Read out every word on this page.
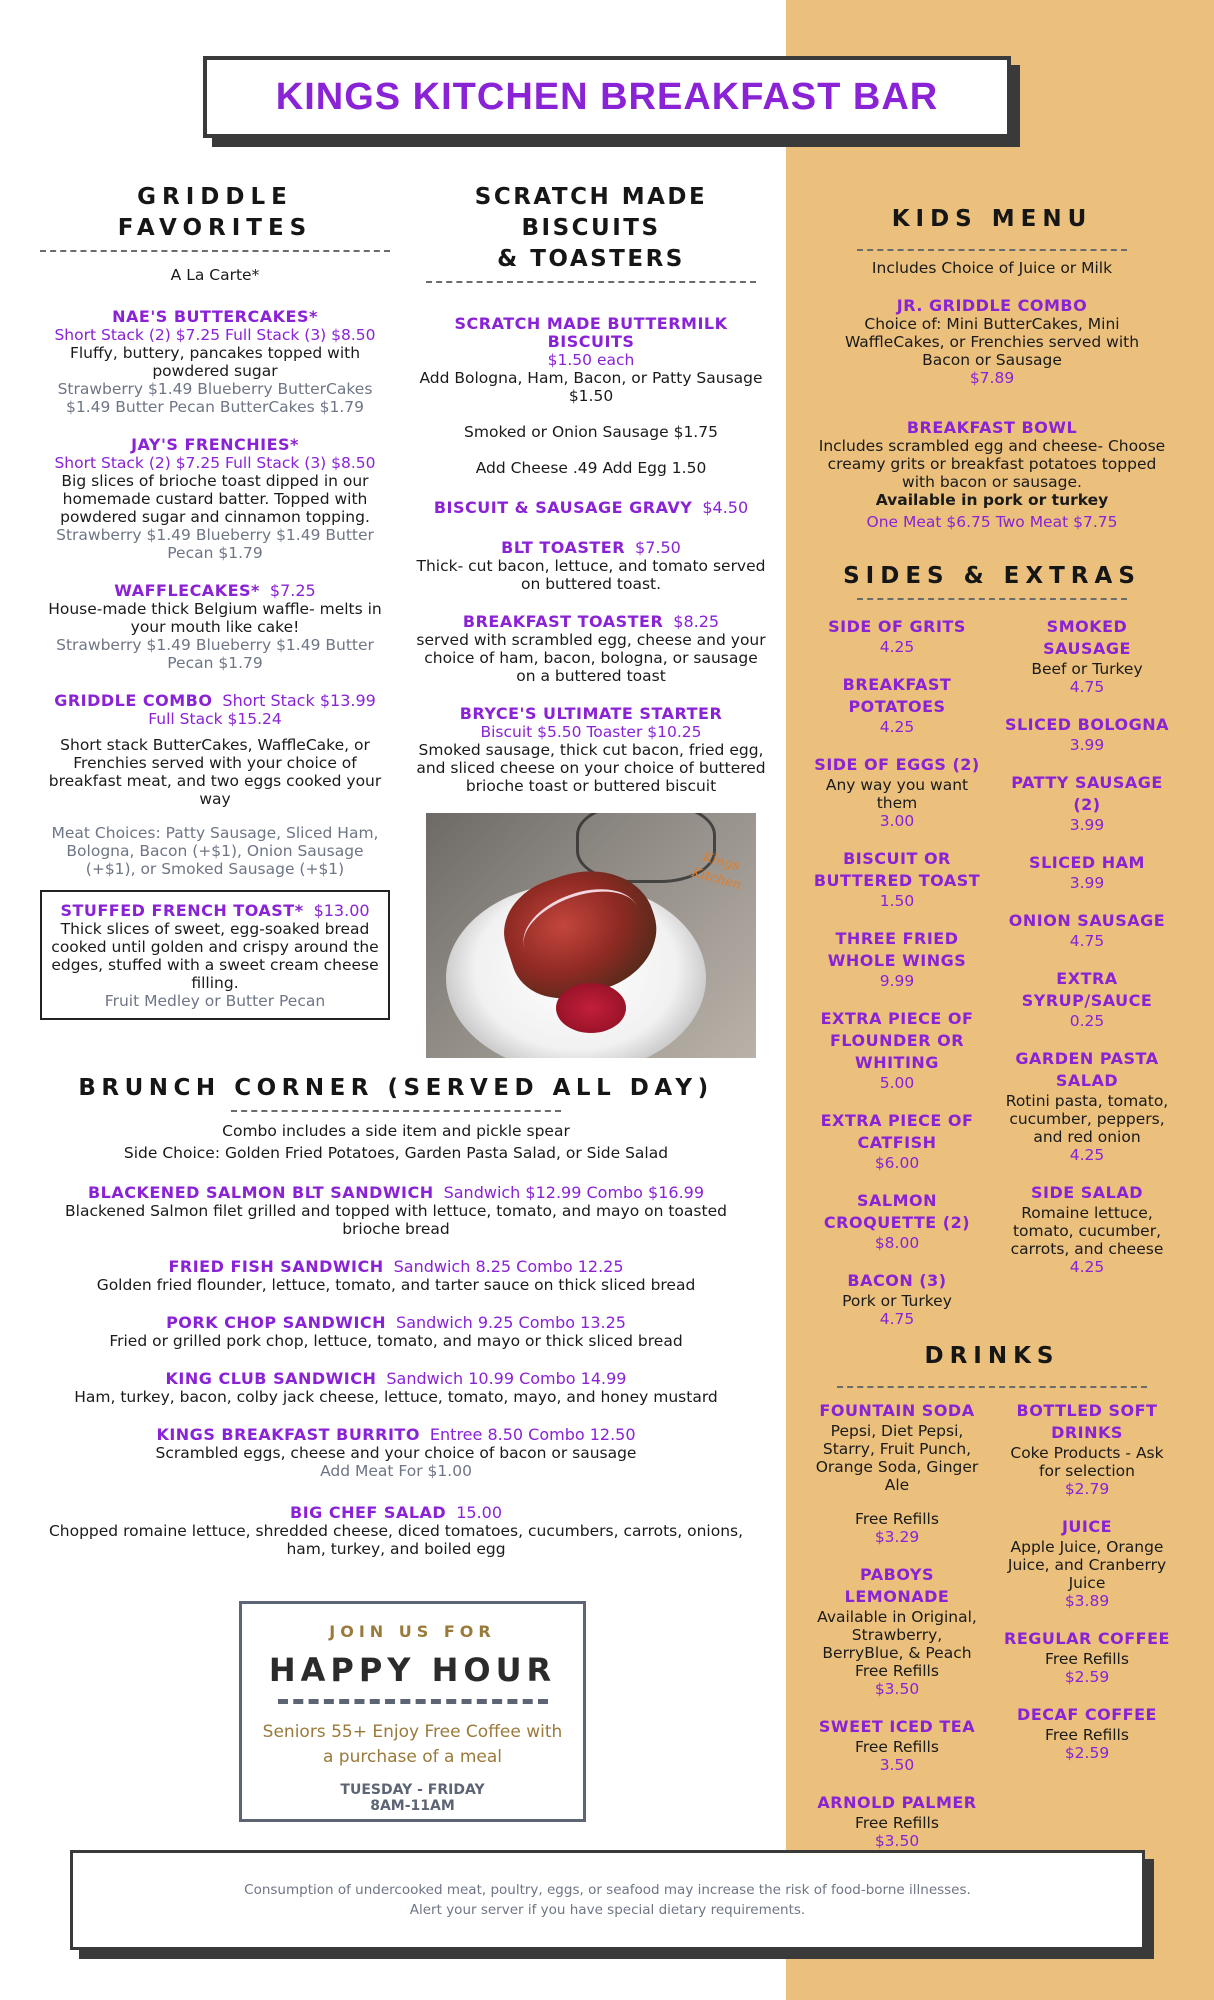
KINGS KITCHEN BREAKFAST BAR
GRIDDLE
FAVORITES
A La Carte*
NAE'S BUTTERCAKES*
Short Stack (2) $7.25 Full Stack (3) $8.50
Fluffy, buttery, pancakes topped with powdered sugar
Strawberry $1.49 Blueberry ButterCakes $1.49 Butter Pecan ButterCakes $1.79
JAY'S FRENCHIES*
Short Stack (2) $7.25 Full Stack (3) $8.50
Big slices of brioche toast dipped in our homemade custard batter. Topped with powdered sugar and cinnamon topping.
Strawberry $1.49 Blueberry $1.49 Butter Pecan $1.79
WAFFLECAKES* $7.25
House-made thick Belgium waffle- melts in your mouth like cake!
Strawberry $1.49 Blueberry $1.49 Butter Pecan $1.79
GRIDDLE COMBO Short Stack $13.99
Full Stack $15.24
Short stack ButterCakes, WaffleCake, or Frenchies served with your choice of breakfast meat, and two eggs cooked your way
Meat Choices: Patty Sausage, Sliced Ham, Bologna, Bacon (+$1), Onion Sausage (+$1), or Smoked Sausage (+$1)
STUFFED FRENCH TOAST* $13.00
Thick slices of sweet, egg-soaked bread cooked until golden and crispy around the edges, stuffed with a sweet cream cheese filling.
Fruit Medley or Butter Pecan
SCRATCH MADE BISCUITS
& TOASTERS
SCRATCH MADE BUTTERMILK BISCUITS
$1.50 each
Add Bologna, Ham, Bacon, or Patty Sausage $1.50
Smoked or Onion Sausage $1.75
Add Cheese .49 Add Egg 1.50
BISCUIT & SAUSAGE GRAVY $4.50
BLT TOASTER $7.50
Thick- cut bacon, lettuce, and tomato served on buttered toast.
BREAKFAST TOASTER $8.25
served with scrambled egg, cheese and your choice of ham, bacon, bologna, or sausage on a buttered toast
BRYCE'S ULTIMATE STARTER
Biscuit $5.50 Toaster $10.25
Smoked sausage, thick cut bacon, fried egg, and sliced cheese on your choice of buttered brioche toast or buttered biscuit
Kings Kitchen
BRUNCH CORNER (SERVED ALL DAY)
Combo includes a side item and pickle spear
Side Choice: Golden Fried Potatoes, Garden Pasta Salad, or Side Salad
BLACKENED SALMON BLT SANDWICH Sandwich $12.99 Combo $16.99
Blackened Salmon filet grilled and topped with lettuce, tomato, and mayo on toasted brioche bread
FRIED FISH SANDWICH Sandwich 8.25 Combo 12.25
Golden fried flounder, lettuce, tomato, and tarter sauce on thick sliced bread
PORK CHOP SANDWICH Sandwich 9.25 Combo 13.25
Fried or grilled pork chop, lettuce, tomato, and mayo or thick sliced bread
KING CLUB SANDWICH Sandwich 10.99 Combo 14.99
Ham, turkey, bacon, colby jack cheese, lettuce, tomato, mayo, and honey mustard
KINGS BREAKFAST BURRITO Entree 8.50 Combo 12.50
Scrambled eggs, cheese and your choice of bacon or sausage
Add Meat For $1.00
BIG CHEF SALAD 15.00
Chopped romaine lettuce, shredded cheese, diced tomatoes, cucumbers, carrots, onions, ham, turkey, and boiled egg
JOIN US FOR
HAPPY HOUR
Seniors 55+ Enjoy Free Coffee with a purchase of a meal
TUESDAY - FRIDAY
8AM-11AM
KIDS MENU
Includes Choice of Juice or Milk
JR. GRIDDLE COMBO
Choice of: Mini ButterCakes, Mini WaffleCakes, or Frenchies served with Bacon or Sausage
$7.89
BREAKFAST BOWL
Includes scrambled egg and cheese- Choose creamy grits or breakfast potatoes topped with bacon or sausage.
Available in pork or turkey
One Meat $6.75 Two Meat $7.75
SIDES & EXTRAS
SIDE OF GRITS
4.25
BREAKFAST POTATOES
4.25
SIDE OF EGGS (2)
Any way you want them
3.00
BISCUIT OR BUTTERED TOAST
1.50
THREE FRIED WHOLE WINGS
9.99
EXTRA PIECE OF FLOUNDER OR WHITING
5.00
EXTRA PIECE OF CATFISH
$6.00
SALMON CROQUETTE (2)
$8.00
BACON (3)
Pork or Turkey
4.75
SMOKED SAUSAGE
Beef or Turkey
4.75
SLICED BOLOGNA
3.99
PATTY SAUSAGE (2)
3.99
SLICED HAM
3.99
ONION SAUSAGE
4.75
EXTRA SYRUP/SAUCE
0.25
GARDEN PASTA SALAD
Rotini pasta, tomato, cucumber, peppers, and red onion
4.25
SIDE SALAD
Romaine lettuce, tomato, cucumber, carrots, and cheese
4.25
DRINKS
FOUNTAIN SODA
Pepsi, Diet Pepsi, Starry, Fruit Punch, Orange Soda, Ginger Ale
Free Refills
$3.29
PABOYS LEMONADE
Available in Original, Strawberry, BerryBlue, & Peach
Free Refills
$3.50
SWEET ICED TEA
Free Refills
3.50
ARNOLD PALMER
Free Refills
$3.50
BOTTLED SOFT DRINKS
Coke Products - Ask for selection
$2.79
JUICE
Apple Juice, Orange Juice, and Cranberry Juice
$3.89
REGULAR COFFEE
Free Refills
$2.59
DECAF COFFEE
Free Refills
$2.59
Consumption of undercooked meat, poultry, eggs, or seafood may increase the risk of food-borne illnesses.
Alert your server if you have special dietary requirements.
